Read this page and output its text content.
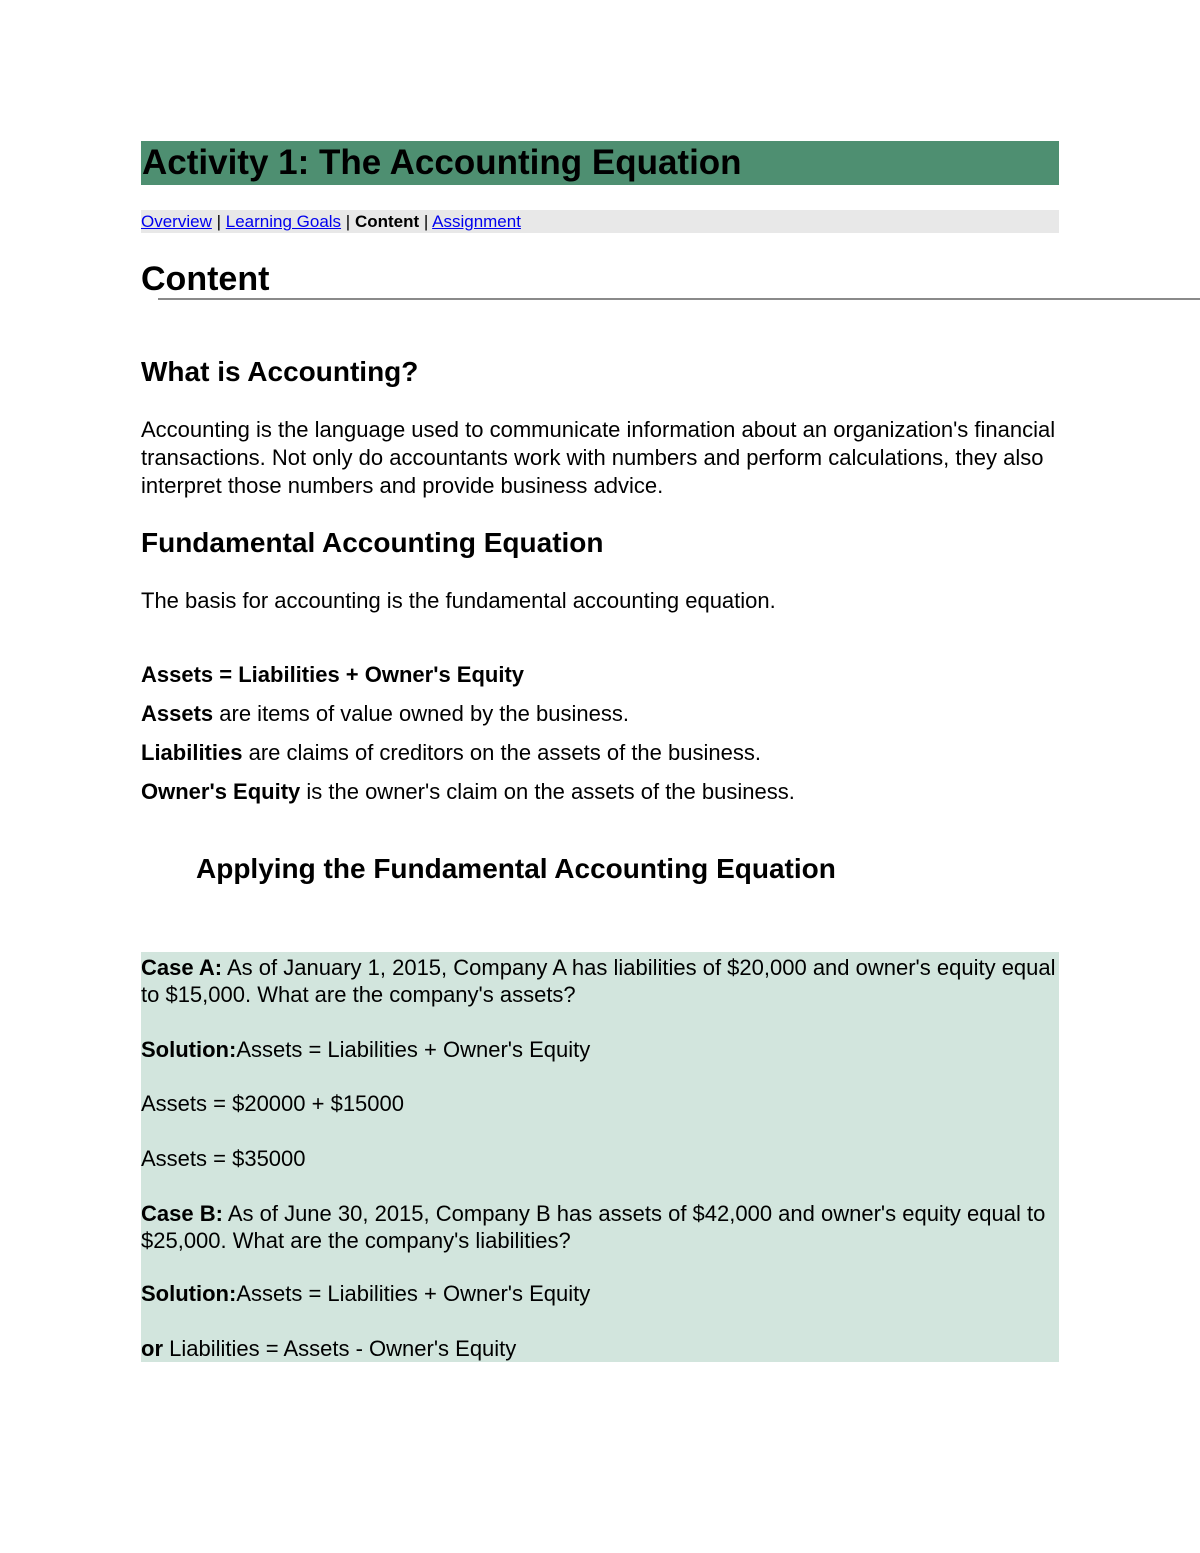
Activity 1: The Accounting Equation
Overview | Learning Goals | Content | Assignment
Content
What is Accounting?

Accounting is the language used to communicate information about an organization's financial transactions. Not only do accountants work with numbers and perform calculations, they also interpret those numbers and provide business advice.

Fundamental Accounting Equation

The basis for accounting is the fundamental accounting equation.

Assets = Liabilities + Owner's Equity

Assets are items of value owned by the business.

Liabilities are claims of creditors on the assets of the business.

Owner's Equity is the owner's claim on the assets of the business.

Applying the Fundamental Accounting Equation

Case A: As of January 1, 2015, Company A has liabilities of $20,000 and owner's equity equal to $15,000. What are the company's assets?

Solution:Assets = Liabilities + Owner's Equity

Assets = $20000 + $15000

Assets = $35000

Case B: As of June 30, 2015, Company B has assets of $42,000 and owner's equity equal to $25,000. What are the company's liabilities?

Solution:Assets = Liabilities + Owner's Equity

or Liabilities = Assets - Owner's Equity
